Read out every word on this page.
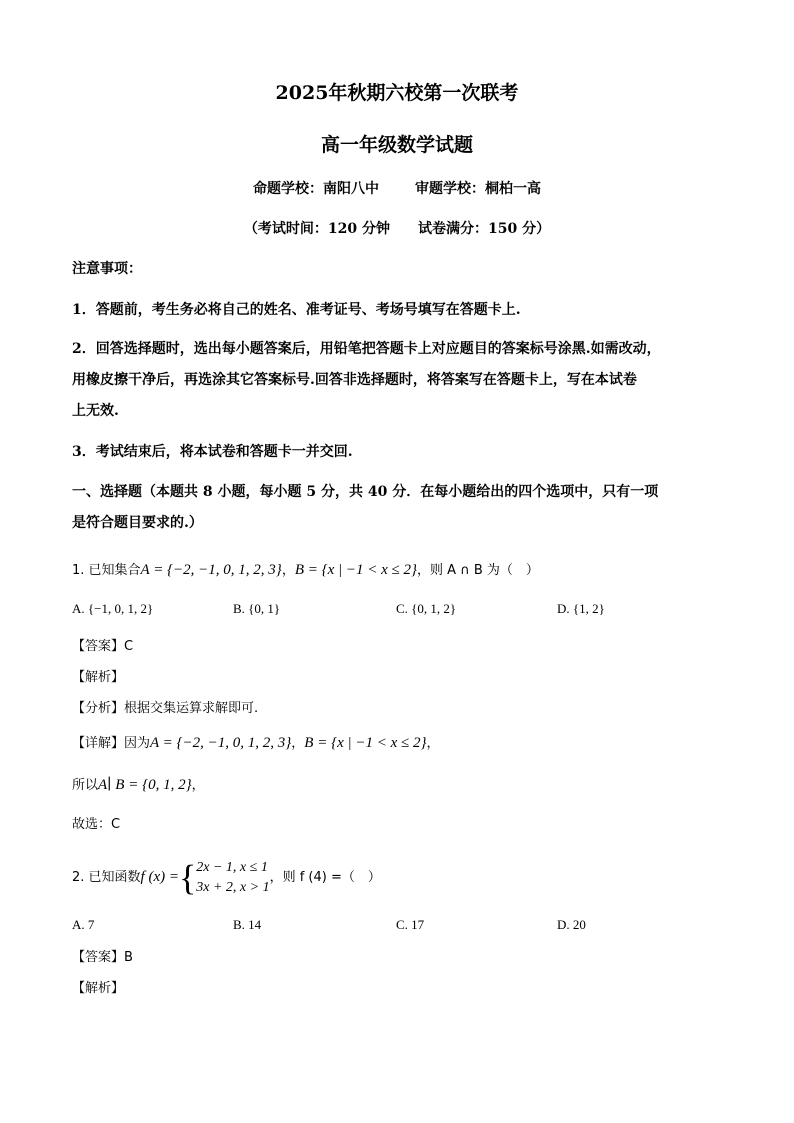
2025年秋期六校第一次联考
高一年级数学试题
命题学校：南阳八中	审题学校：桐柏一高
（考试时间：120 分钟　　试卷满分：150 分）
注意事项：
1．答题前，考生务必将自己的姓名、准考证号、考场号填写在答题卡上.
2．回答选择题时，选出每小题答案后，用铅笔把答题卡上对应题目的答案标号涂黑.如需改动，
用橡皮擦干净后，再选涂其它答案标号.回答非选择题时，将答案写在答题卡上，写在本试卷
上无效.
3．考试结束后，将本试卷和答题卡一并交回.
一、选择题（本题共 8 小题，每小题 5 分，共 40 分．在每小题给出的四个选项中，只有一项
是符合题目要求的.）
1. 已知集合A = {−2, −1, 0, 1, 2, 3}，B = {x | −1 < x ≤ 2}，则 A ∩ B 为（　）
A. {−1, 0, 1, 2}	B. {0, 1}	C. {0, 1, 2}	D. {1, 2}
【答案】C
【解析】
【分析】根据交集运算求解即可.
【详解】因为A = {−2, −1, 0, 1, 2, 3}，B = {x | −1 < x ≤ 2}，
所以A∣ B = {0, 1, 2}，
故选：C
2. 已知函数f (x) ={ 2x − 1, x ≤ 1
3x + 2, x > 1
，则 f (4) =（　）
A. 7	B. 14	C. 17	D. 20
【答案】B
【解析】
